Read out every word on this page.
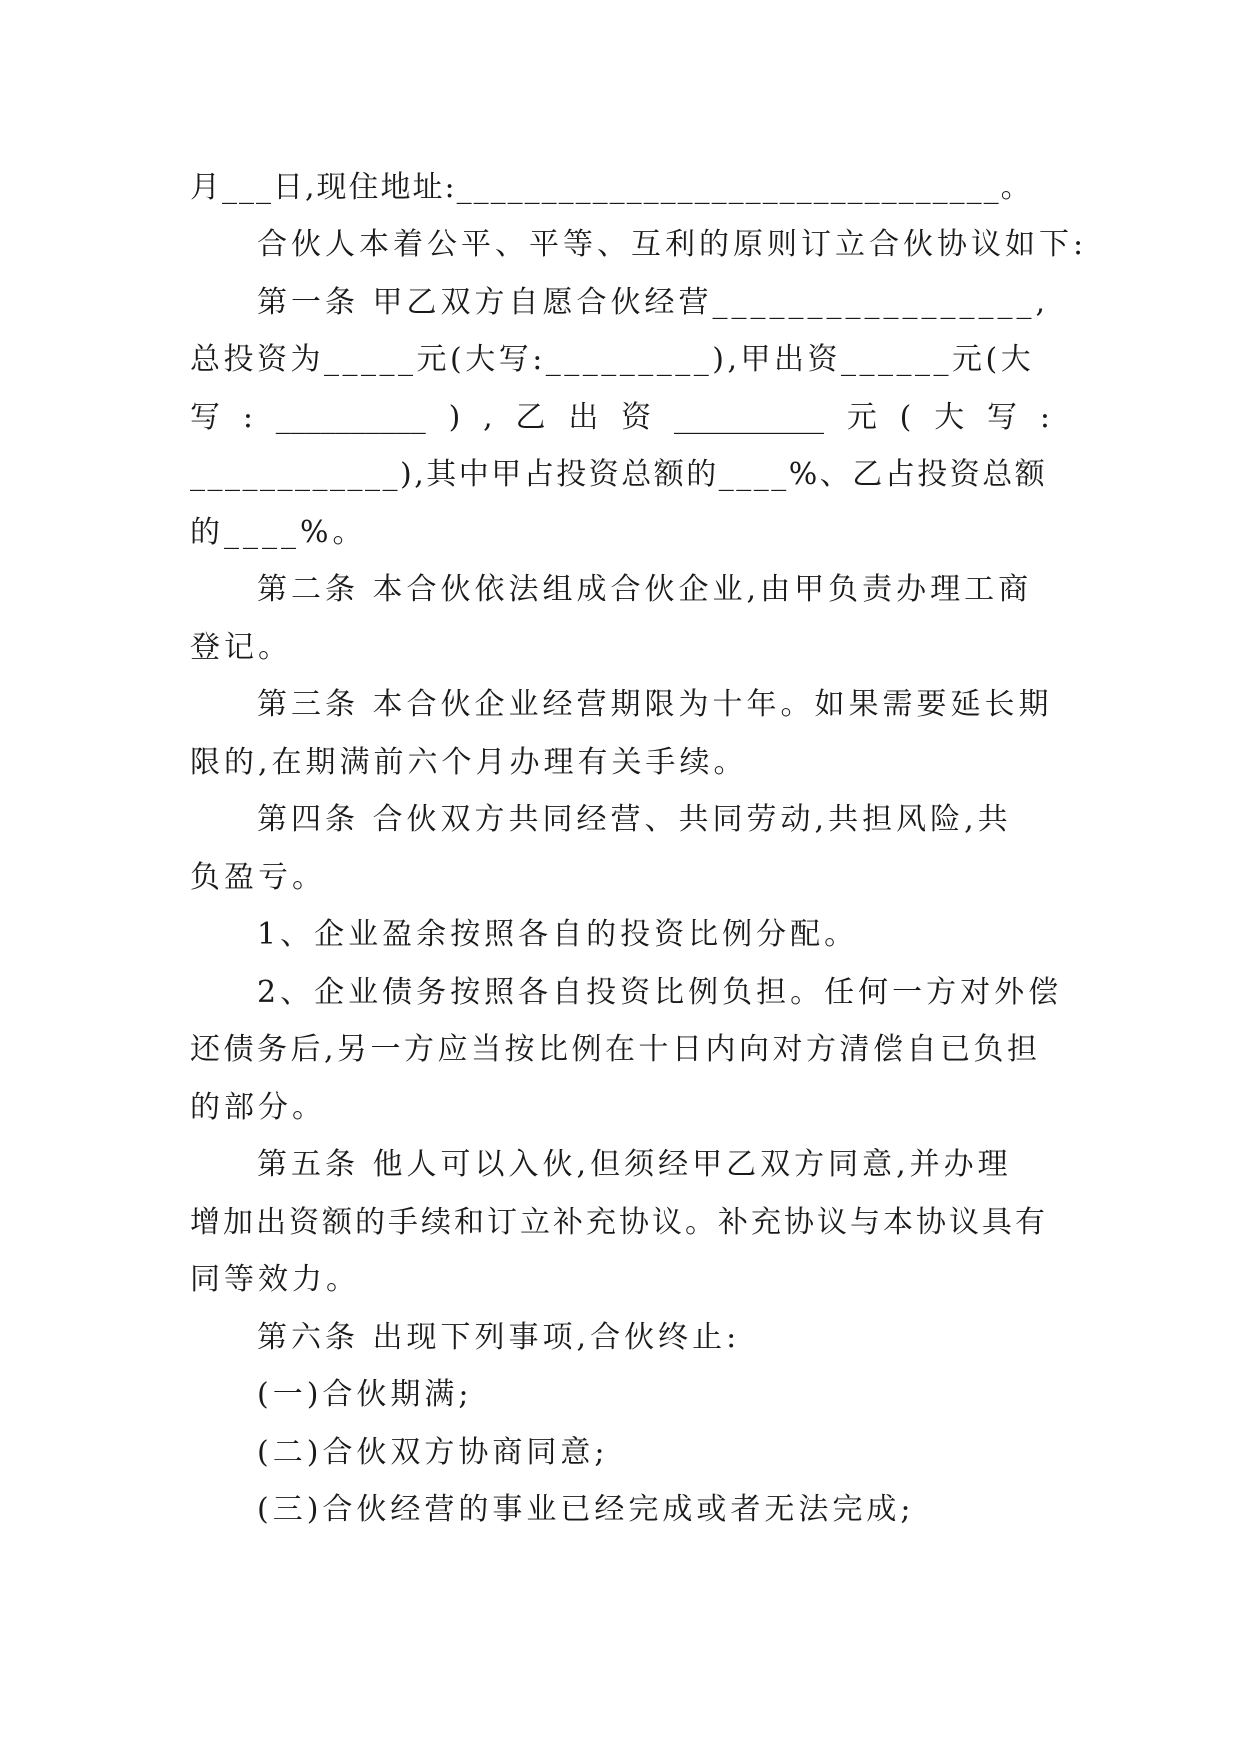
月___日,现住地址:________________________________。
合伙人本着公平、平等、互利的原则订立合伙协议如下:
第一条 甲乙双方自愿合伙经营_________________,
总投资为_____元(大写:_________),甲出资______元(大
写 : __________ ) , 乙 出 资 __________ 元 ( 大 写 :
____________),其中甲占投资总额的____%、乙占投资总额
的____%。
第二条 本合伙依法组成合伙企业,由甲负责办理工商
登记。
第三条 本合伙企业经营期限为十年。如果需要延长期
限的,在期满前六个月办理有关手续。
第四条 合伙双方共同经营、共同劳动,共担风险,共
负盈亏。
1、企业盈余按照各自的投资比例分配。
2、企业债务按照各自投资比例负担。任何一方对外偿
还债务后,另一方应当按比例在十日内向对方清偿自已负担
的部分。
第五条 他人可以入伙,但须经甲乙双方同意,并办理
增加出资额的手续和订立补充协议。补充协议与本协议具有
同等效力。
第六条 出现下列事项,合伙终止:
(一)合伙期满;
(二)合伙双方协商同意;
(三)合伙经营的事业已经完成或者无法完成;
